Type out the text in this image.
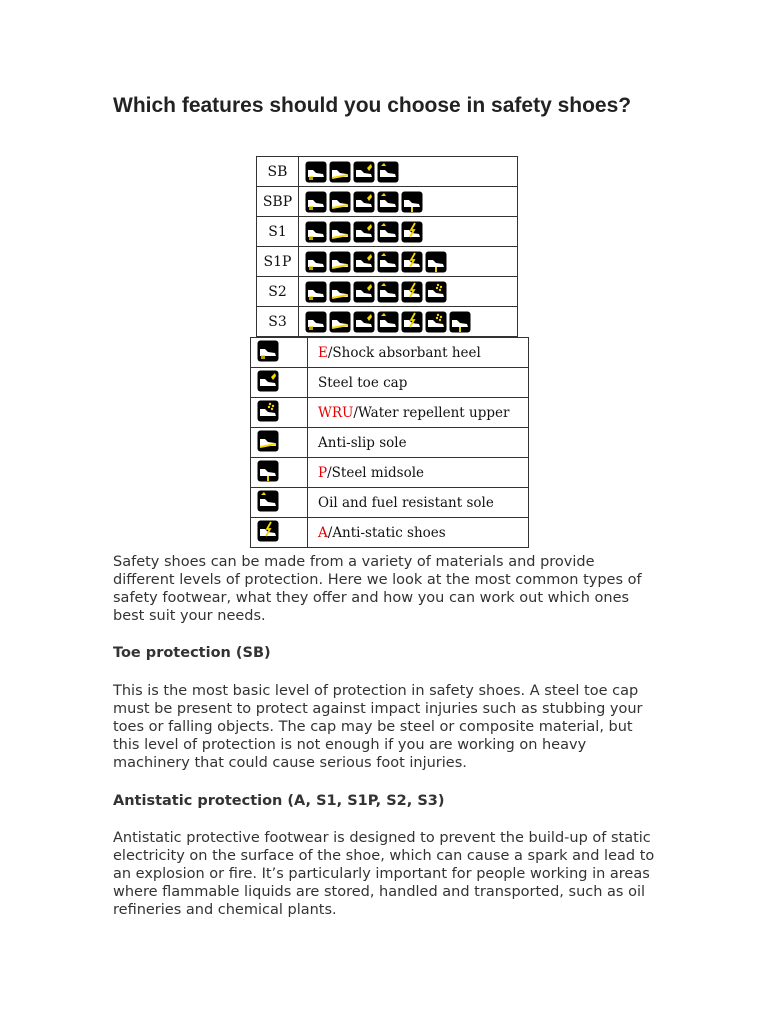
Which features should you choose in safety shoes?
SB	

SBP	

S1	

S1P	

S2	

S3	
	E/Shock absorbant heel

	Steel toe cap

	WRU/Water repellent upper

	Anti-slip sole

	P/Steel midsole

	Oil and fuel resistant sole

	A/Anti-static shoes

Safety shoes can be made from a variety of materials and provide different levels of protection. Here we look at the most common types of safety footwear, what they offer and how you can work out which ones best suit your needs.

Toe protection (SB)

This is the most basic level of protection in safety shoes. A steel toe cap must be present to protect against impact injuries such as stubbing your toes or falling objects. The cap may be steel or composite material, but this level of protection is not enough if you are working on heavy machinery that could cause serious foot injuries.

Antistatic protection (A, S1, S1P, S2, S3)

Antistatic protective footwear is designed to prevent the build-up of static electricity on the surface of the shoe, which can cause a spark and lead to an explosion or fire. It’s particularly important for people working in areas where flammable liquids are stored, handled and transported, such as oil refineries and chemical plants.
